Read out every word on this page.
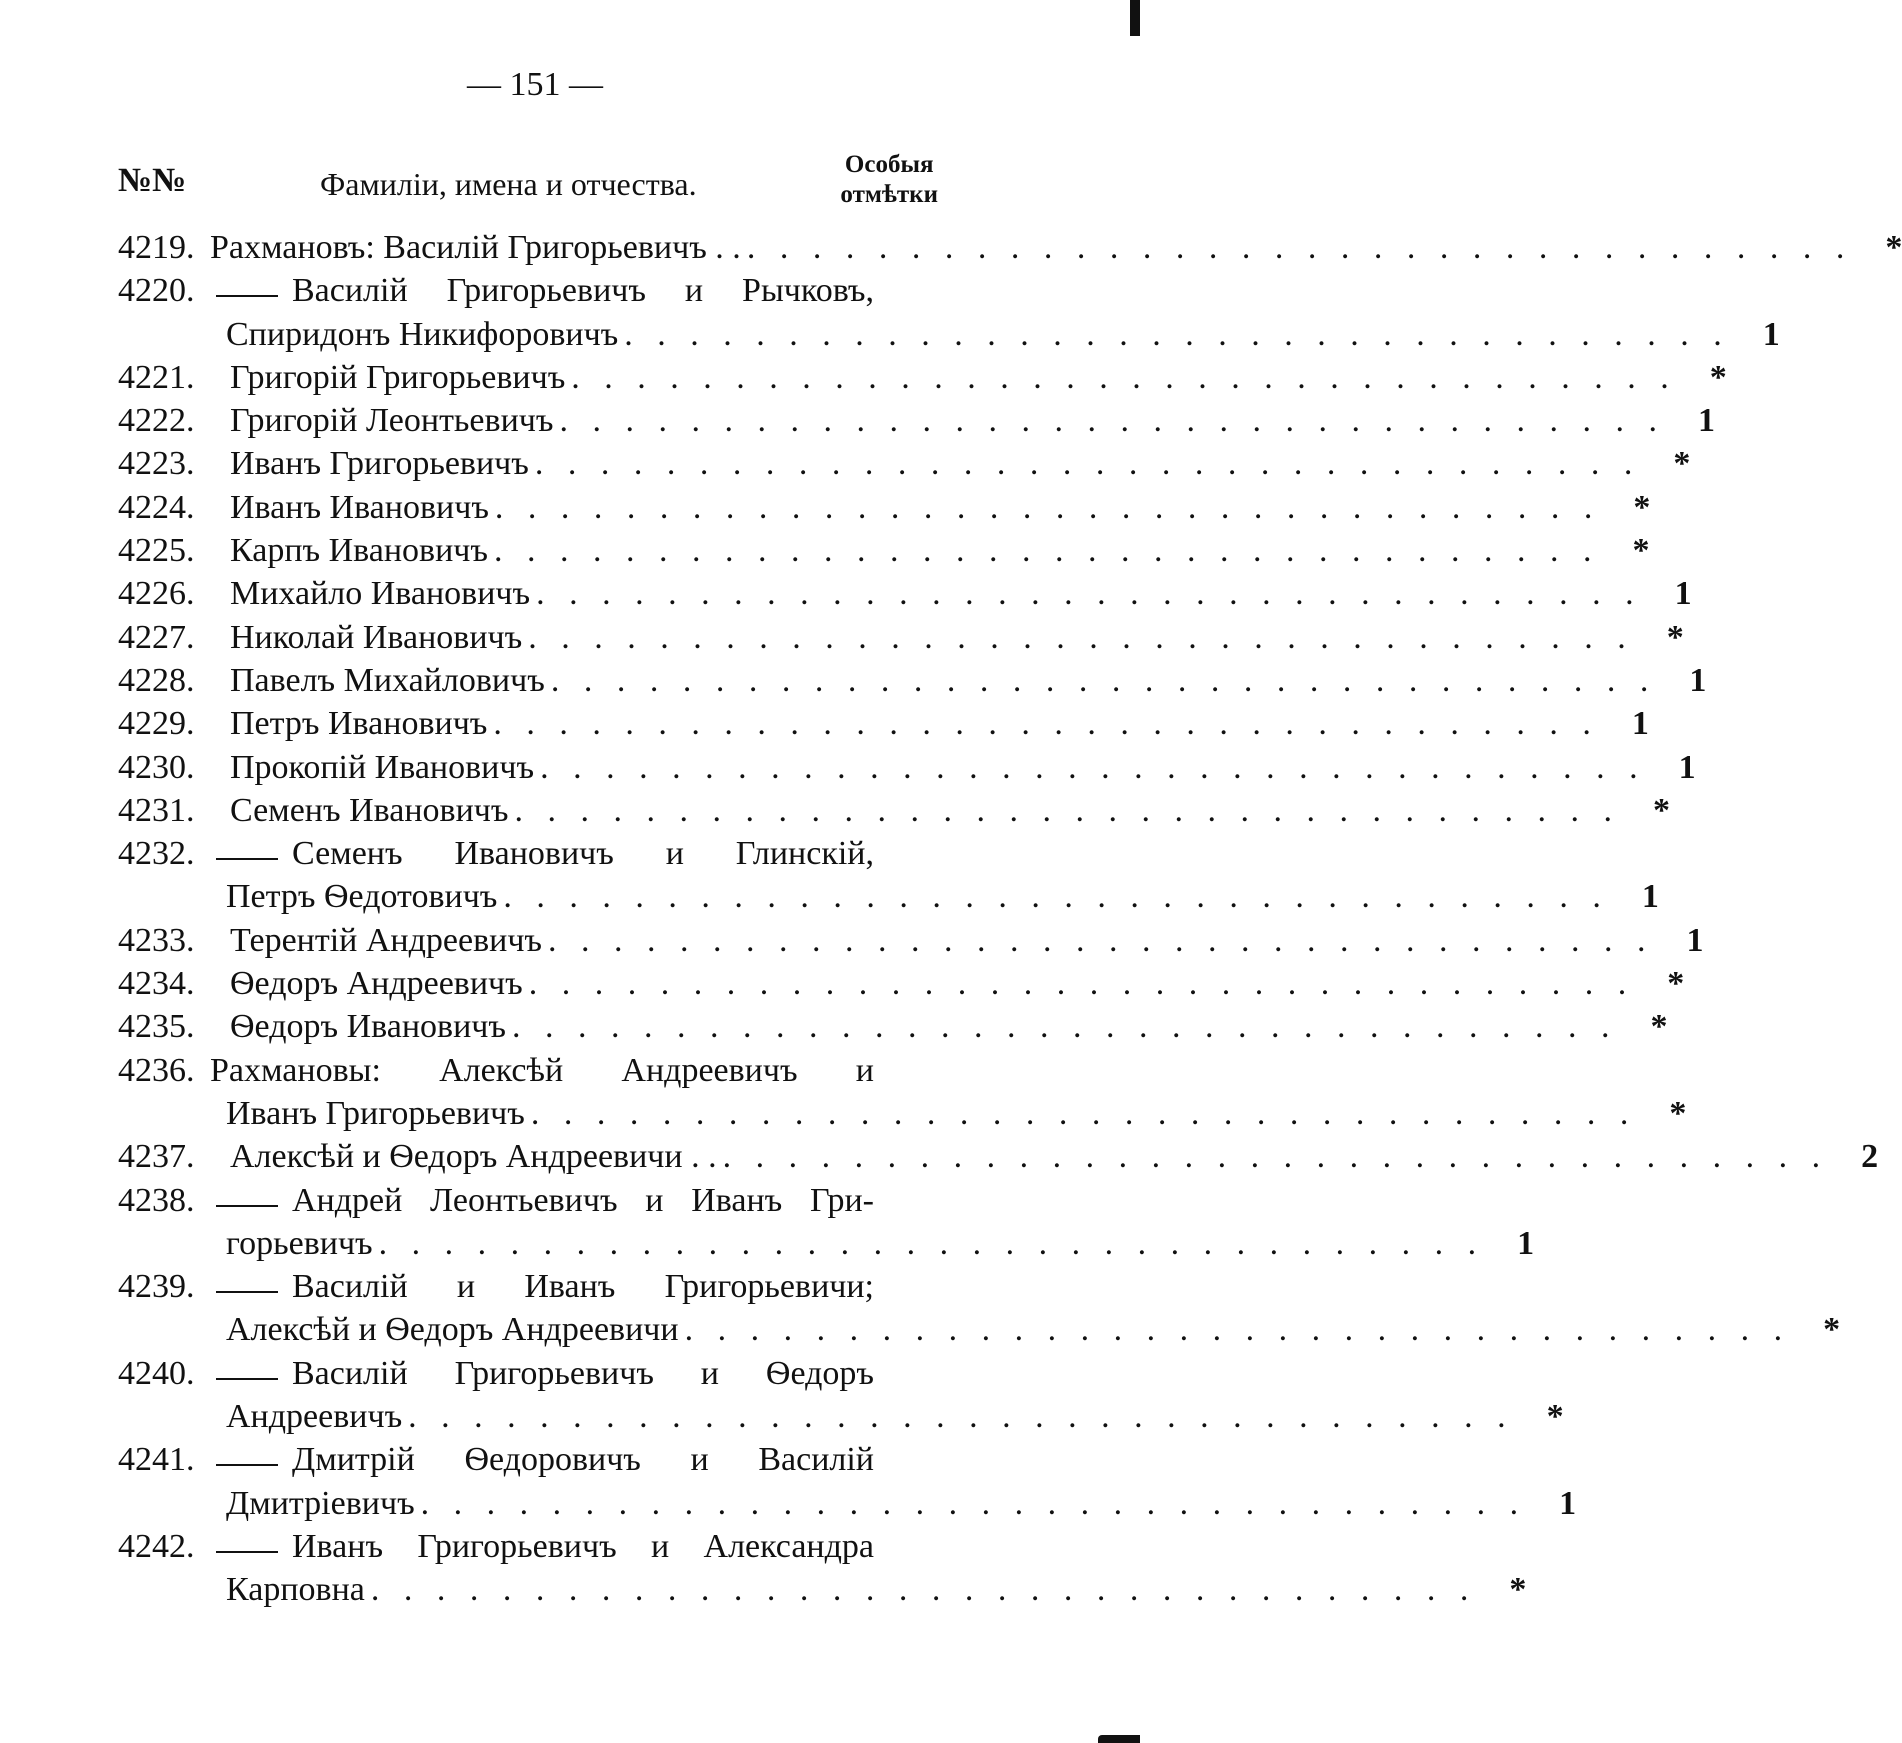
— 151 —
№№	Фамиліи, имена и отчества.
Особыя
отмѣтки
4219. Рахмановъ: Василій Григорьевичъ . . . . . . . . . . . . . . . . . . . . . . . . . . . . . . . . . . . . *
4220.	Василій Григорьевичъ и Рычковъ,
Спиридонъ Никифоровичъ . . . . . . . . . . . . . . . . . . . . . . . . . . . . . . . . . . 1
4221.	Григорій Григорьевичъ . . . . . . . . . . . . . . . . . . . . . . . . . . . . . . . . . . *
4222.	Григорій Леонтьевичъ . . . . . . . . . . . . . . . . . . . . . . . . . . . . . . . . . . 1
4223.	Иванъ Григорьевичъ . . . . . . . . . . . . . . . . . . . . . . . . . . . . . . . . . . *
4224.	Иванъ Ивановичъ . . . . . . . . . . . . . . . . . . . . . . . . . . . . . . . . . . *
4225.	Карпъ Ивановичъ . . . . . . . . . . . . . . . . . . . . . . . . . . . . . . . . . . *
4226.	Михайло Ивановичъ . . . . . . . . . . . . . . . . . . . . . . . . . . . . . . . . . . 1
4227.	Николай Ивановичъ . . . . . . . . . . . . . . . . . . . . . . . . . . . . . . . . . . *
4228.	Павелъ Михайловичъ . . . . . . . . . . . . . . . . . . . . . . . . . . . . . . . . . . 1
4229.	Петръ Ивановичъ . . . . . . . . . . . . . . . . . . . . . . . . . . . . . . . . . . 1
4230.	Прокопій Ивановичъ . . . . . . . . . . . . . . . . . . . . . . . . . . . . . . . . . . 1
4231.	Семенъ Ивановичъ . . . . . . . . . . . . . . . . . . . . . . . . . . . . . . . . . . *
4232.	Семенъ Ивановичъ и Глинскій,
Петръ Ѳедотовичъ . . . . . . . . . . . . . . . . . . . . . . . . . . . . . . . . . . 1
4233.	Терентій Андреевичъ . . . . . . . . . . . . . . . . . . . . . . . . . . . . . . . . . . 1
4234.	Ѳедоръ Андреевичъ . . . . . . . . . . . . . . . . . . . . . . . . . . . . . . . . . . *
4235.	Ѳедоръ Ивановичъ . . . . . . . . . . . . . . . . . . . . . . . . . . . . . . . . . . *
4236. Рахмановы: Алексѣй Андреевичъ и
Иванъ Григорьевичъ . . . . . . . . . . . . . . . . . . . . . . . . . . . . . . . . . . *
4237.	Алексѣй и Ѳедоръ Андреевичи . . . . . . . . . . . . . . . . . . . . . . . . . . . . . . . . . . . . 2
4238.	Андрей Леонтьевичъ и Иванъ Гри-
горьевичъ . . . . . . . . . . . . . . . . . . . . . . . . . . . . . . . . . . 1
4239.	Василій и Иванъ Григорьевичи;
Алексѣй и Ѳедоръ Андреевичи . . . . . . . . . . . . . . . . . . . . . . . . . . . . . . . . . . *
4240.	Василій Григорьевичъ и Ѳедоръ
Андреевичъ . . . . . . . . . . . . . . . . . . . . . . . . . . . . . . . . . . *
4241.	Дмитрій Ѳедоровичъ и Василій
Дмитріевичъ . . . . . . . . . . . . . . . . . . . . . . . . . . . . . . . . . . 1
4242.	Иванъ Григорьевичъ и Александра
Карповна . . . . . . . . . . . . . . . . . . . . . . . . . . . . . . . . . . *
